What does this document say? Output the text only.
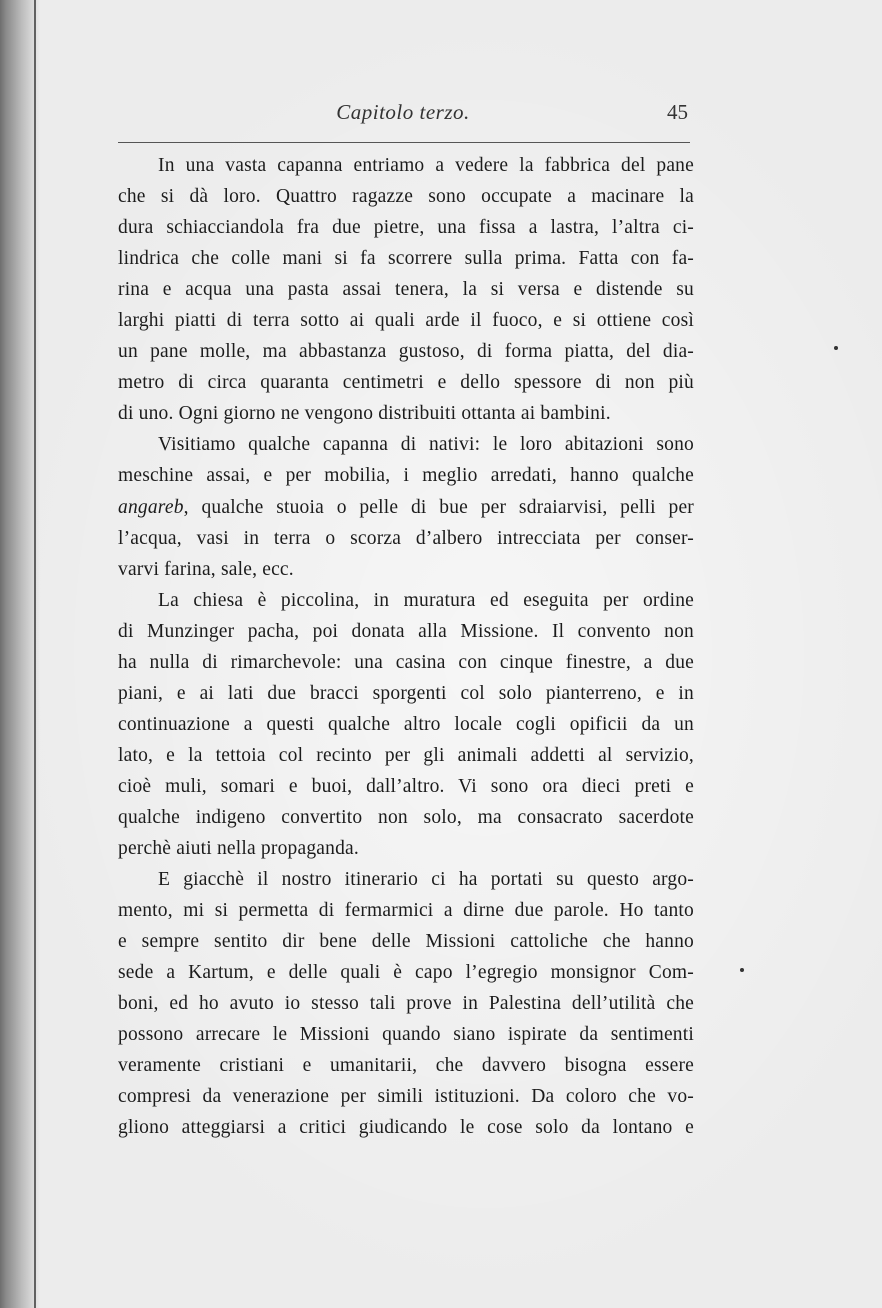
Capitolo terzo.	45
In una vasta capanna entriamo a vedere la fabbrica del pane
che si dà loro. Quattro ragazze sono occupate a macinare la
dura schiacciandola fra due pietre, una fissa a lastra, l’altra ci-
lindrica che colle mani si fa scorrere sulla prima. Fatta con fa-
rina e acqua una pasta assai tenera, la si versa e distende su
larghi piatti di terra sotto ai quali arde il fuoco, e si ottiene così
un pane molle, ma abbastanza gustoso, di forma piatta, del dia-
metro di circa quaranta centimetri e dello spessore di non più
di uno. Ogni giorno ne vengono distribuiti ottanta ai bambini.
Visitiamo qualche capanna di nativi: le loro abitazioni sono
meschine assai, e per mobilia, i meglio arredati, hanno qualche
angareb, qualche stuoia o pelle di bue per sdraiarvisi, pelli per
l’acqua, vasi in terra o scorza d’albero intrecciata per conser-
varvi farina, sale, ecc.
La chiesa è piccolina, in muratura ed eseguita per ordine
di Munzinger pacha, poi donata alla Missione. Il convento non
ha nulla di rimarchevole: una casina con cinque finestre, a due
piani, e ai lati due bracci sporgenti col solo pianterreno, e in
continuazione a questi qualche altro locale cogli opificii da un
lato, e la tettoia col recinto per gli animali addetti al servizio,
cioè muli, somari e buoi, dall’altro. Vi sono ora dieci preti e
qualche indigeno convertito non solo, ma consacrato sacerdote
perchè aiuti nella propaganda.
E giacchè il nostro itinerario ci ha portati su questo argo-
mento, mi si permetta di fermarmici a dirne due parole. Ho tanto
e sempre sentito dir bene delle Missioni cattoliche che hanno
sede a Kartum, e delle quali è capo l’egregio monsignor Com-
boni, ed ho avuto io stesso tali prove in Palestina dell’utilità che
possono arrecare le Missioni quando siano ispirate da sentimenti
veramente cristiani e umanitarii, che davvero bisogna essere
compresi da venerazione per simili istituzioni. Da coloro che vo-
gliono atteggiarsi a critici giudicando le cose solo da lontano e
